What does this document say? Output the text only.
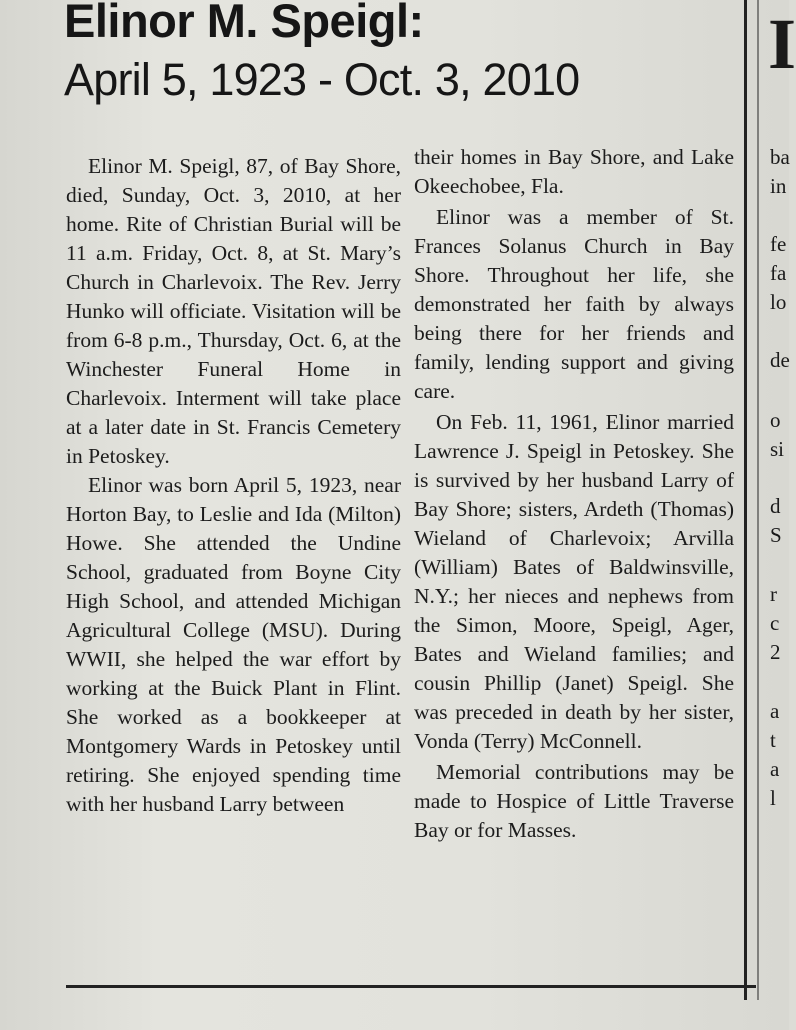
Elinor M. Speigl:
April 5, 1923 - Oct. 3, 2010

Elinor M. Speigl, 87, of Bay Shore, died, Sunday, Oct. 3, 2010, at her home. Rite of Christian Burial will be 11 a.m. Friday, Oct. 8, at St. Mary’s Church in Charlevoix. The Rev. Jerry Hunko will officiate. Visitation will be from 6-8 p.m., Thursday, Oct. 6, at the Winchester Funeral Home in Charlevoix. Interment will take place at a later date in St. Francis Cemetery in Petoskey.

Elinor was born April 5, 1923, near Horton Bay, to Leslie and Ida (Milton) Howe. She attended the Undine School, graduated from Boyne City High School, and attended Michigan Agricultural College (MSU). During WWII, she helped the war effort by working at the Buick Plant in Flint. She worked as a bookkeeper at Montgomery Wards in Petoskey until retiring. She enjoyed spending time with her husband Larry between

their homes in Bay Shore, and Lake Okeechobee, Fla.

Elinor was a member of St. Frances Solanus Church in Bay Shore. Throughout her life, she demonstrated her faith by always being there for her friends and family, lending support and giving care.

On Feb. 11, 1961, Elinor married Lawrence J. Speigl in Petoskey. She is survived by her husband Larry of Bay Shore; sisters, Ardeth (Thomas) Wieland of Charlevoix; Arvilla (William) Bates of Baldwinsville, N.Y.; her nieces and nephews from the Simon, Moore, Speigl, Ager, Bates and Wieland families; and cousin Phillip (Janet) Speigl. She was preceded in death by her sister, Vonda (Terry) McConnell.

Memorial contributions may be made to Hospice of Little Traverse Bay or for Masses.

I
ba
in
fe
fa
lo
de
o
si
d
S
r
c
2
a
t
a
l
